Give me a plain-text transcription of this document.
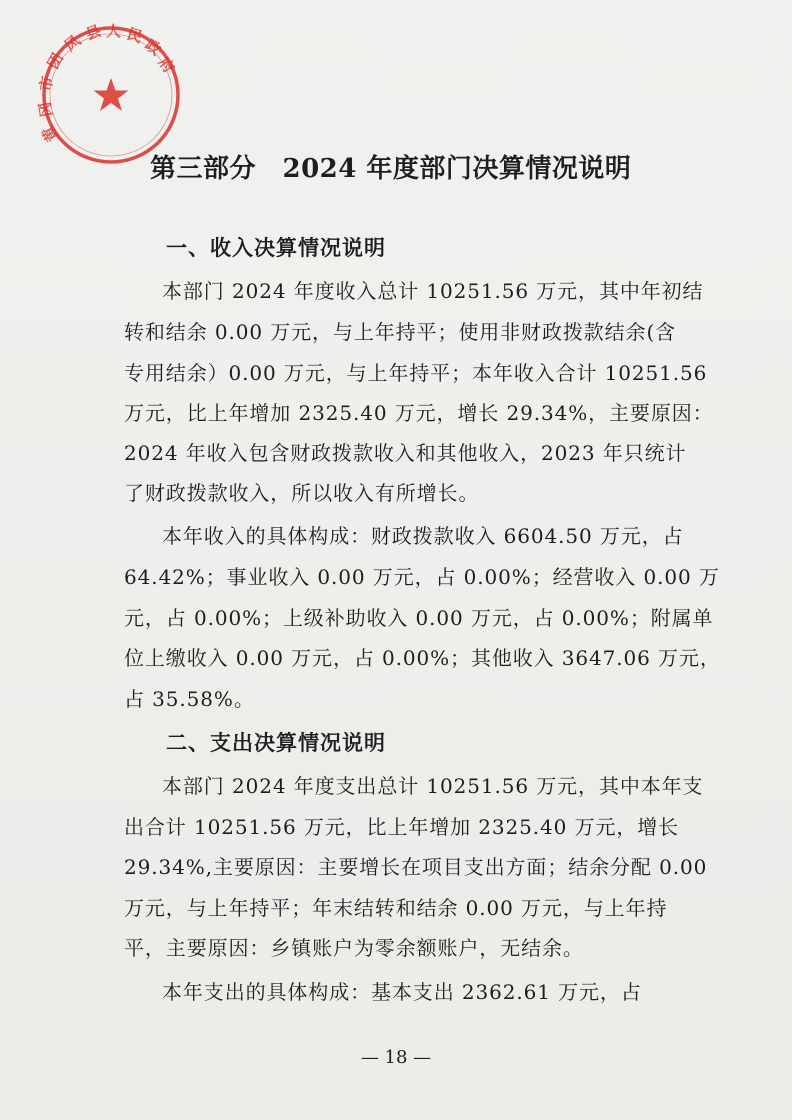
黄
冈
市
团
风 县 人 民
政
府
第三部分　2024 年度部门决算情况说明
一、收入决算情况说明
本部门 2024 年度收入总计 10251.56 万元，其中年初结
转和结余 0.00 万元，与上年持平；使用非财政拨款结余(含
专用结余）0.00 万元，与上年持平；本年收入合计 10251.56
万元，比上年增加 2325.40 万元，增长 29.34%，主要原因：
2024 年收入包含财政拨款收入和其他收入，2023 年只统计
了财政拨款收入，所以收入有所增长。
本年收入的具体构成：财政拨款收入 6604.50 万元，占
64.42%；事业收入 0.00 万元，占 0.00%；经营收入 0.00 万
元，占 0.00%；上级补助收入 0.00 万元，占 0.00%；附属单
位上缴收入 0.00 万元，占 0.00%；其他收入 3647.06 万元，
占 35.58%。
二、支出决算情况说明
本部门 2024 年度支出总计 10251.56 万元，其中本年支
出合计 10251.56 万元，比上年增加 2325.40 万元，增长
29.34%,主要原因：主要增长在项目支出方面；结余分配 0.00
万元，与上年持平；年末结转和结余 0.00 万元，与上年持
平，主要原因：乡镇账户为零余额账户，无结余。
本年支出的具体构成：基本支出 2362.61 万元，占
— 18 —
